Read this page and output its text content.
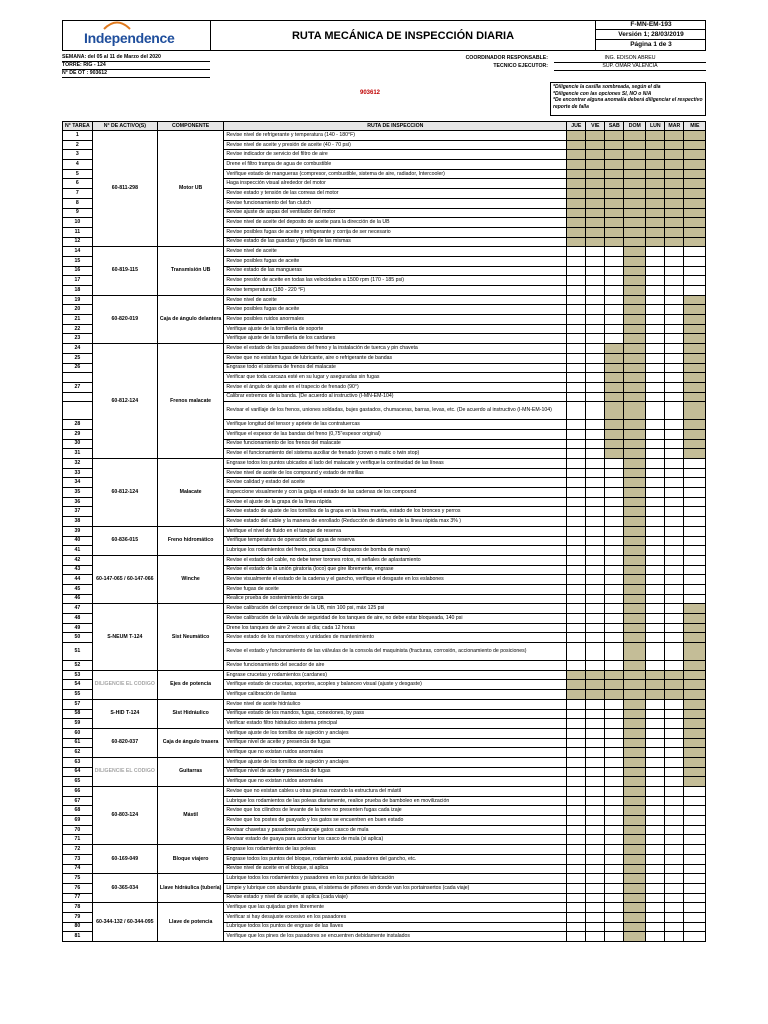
Independence	RUTA MECÁNICA DE INSPECCIÓN DIARIA
F-MN-EM-193
Versión 1; 28/03/2019
Página 1 de 3
SEMANA: del 05 al 11 de Marzo del 2020
TORRE: RIG - 124
N° DE OT : 903612
COORDINADOR RESPONSABLE:	ING. EDISON ABREU
TECNICO EJECUTOR:	SUP. OMAR VALENCIA
903612
*Diligencie la casilla sombreada, según el día
*Diligencie con las opciones SI, NO o N/A
*De encontrar alguna anomalía deberá diligenciar el respectivo reporte de falla
N° TAREA	N° DE ACTIVO(S)	COMPONENTE	RUTA DE INSPECCION	JUE	VIE	SAB	DOM	LUN	MAR	MIE
1	60-811-298	Motor UB	Revise nivel de refrigerante y temperatura (140 - 180°F)							
2			Revise nivel de aceite y presión de aceite (40 - 70 psi)							
3			Revise indicador de servicio del filtro de aire							
4			Drene el filtro trampa de agua de combustible							
5			Verifique estado de mangueras (compresor, combustible, sistema de aire, radiador, Intercooler)							
6			Haga inspección visual alrededor del motor							
7			Revise estado y tensión de las correas del motor							
8			Revise funcionamiento del fan clutch							
9			Revise ajuste de aspas del ventilador del motor							
10			Revise nivel de aceite del deposito de aceite para la dirección de la UB							
11			Revise posibles fugas de aceite y refrigerante y corrija de ser necesario							
12			Revise estado de las guardas y fijación de las mismas							
14	60-819-115	Transmisión UB	Revise nivel de aceite							
15			Revise posibles fugas de aceite							
16			Revise estado de las mangueras							
17			Revise presión de aceite en todas las velocidades a 1500 rpm (170 - 185 psi)							
18			Revise temperatura (180 - 220 °F)							
19	60-820-019	Caja de ángulo delantera	Revise nivel de aceite							
20			Revise posibles fugas de aceite							
21			Revise posibles ruidos anormales							
22			Verifique ajuste de la tornillería de soporte							
23			Verifique ajuste de la tornillería de los cardanes							
24	60-812-124	Frenos malacate	Revise el estado de los pasadores del freno y la instalación de tuerca y pin chaveta							
25			Revise que no existan fugas de lubricante, aire o refrigerante de bandas							
26			Engrase todo el sistema de frenos del malacate							
			Verificar que toda carcaza esté en su lugar y aseguradas sin fugas							
27			Revise el ángulo de ajuste en el trapecio de frenado (90°)							
			Calibrar extremos de la banda. (De acuerdo al instructivo (I-MN-EM-104)							
			Revisar el varillaje de los frenos, uniones soldadas, bujes gastados, chumaceras, barras, levas, etc. (De acuerdo al instructivo (I-MN-EM-104)							
28			Verifique longitud del tensor y apriete de las contratuercas							
29			Verifique el espesor de las bandas del freno (0,75"espesor original)							
30			Revise funcionamiento de los frenos del malacate							
31			Revise el funcionamiento del sistema auxiliar de frenado (crown o matic o twin stop)							
32	60-812-124	Malacate	Engrase todos los puntos ubicados al lado del malacate y verifique la continuidad de las líneas							
33			Revise nivel de aceite de los compound y estado de mirillas							
34			Revise calidad y estado del aceite							
35			Inspeccione visualmente y con la galga el estado de las cadenas de los compound							
36			Revise el ajuste de la grapa de la línea rápida							
37			Revise estado de ajuste de los tornillos de la grapa en la línea muerta, estado de los bronces y perros							
38			Revise estado del cable y la manera de enrollado (Reducción de diámetro de la línea rápida max 3% )							
39	60-836-015	Freno hidromático	Verifique el nivel de fluido en el tanque de reserva							
40			Verifique temperatura de operación del agua de reserva							
41			Lubrique los rodamientos del freno, poca grasa (3 disparos de bomba de mano)							
42	60-147-065 / 60-147-066	Winche	Revise el estado del cable, no debe tener torones rotos, ni señales de aplastamiento							
43			Revise el estado de la unión giratoria (loco) que gire libremente, engrase							
44			Revise visualmente el estado de la cadena y el gancho, verifique el desgaste en los eslabones							
45			Revise fugas de aceite							
46			Realice prueba de sostenimiento de carga							
47	S-NEUM T-124	Sist Neumático	Revise calibración del compresor de la UB, min 100 psi, máx 125 psi							
48			Revise calibración de la válvula de seguridad de los tanques de aire, no debe estar bloqueada, 140 psi							
49			Drene los tanques de aire 2 veces al día; cada 12 horas							
50			Revise estado de los manómetros y unidades de mantenimiento							
51			Revise el estado y funcionamiento de las válvulas de la consola del maquinista (fracturas, corrosión, accionamiento de posiciones)							
52			Revise funcionamiento del secador de aire							
53	DILIGENCIE EL CODIGO	Ejes de potencia	Engrase crucetas y rodamientos (cardanes)							
54			Verifique estado de crucetas, soportes, acoples y balanceo visual (ajuste y desgaste)							
55			Verifique calibración de llantas							
57	S-HID T-124	Sist Hidráulico	Revise nivel de aceite hidráulico							
58			Verifique estado de los mandos, fugas, conexiones, by pass							
59			Verificar estado filtro hidráulico sistema principal							
60	60-820-037	Caja de ángulo trasera	Verifique ajuste de los tornillos de sujeción y anclajes							
61			Verifique nivel de aceite y presencia de fugas							
62			Verifique que no existan ruidos anormales							
63	DILIGENCIE EL CODIGO	Guitarras	Verifique ajuste de los tornillos de sujeción y anclajes							
64			Verifique nivel de aceite y presencia de fugas							
65			Verifique que no existan ruidos anormales							
66	60-803-124	Mástil	Revise que no existan cables u otras piezas rozando la estructura del mástil							
67			Lubrique los rodamientos de las poleas diariamente, realice prueba de bamboleo en movilización							
68			Revise que los cilindros de levante de la torre no presenten fugas cada izaje							
69			Revise que los postes de guayado y los gatos se encuentren en buen estado							
70			Revisar chavetas y pasadores palancaje gatos casco de mula							
71			Revisar estado de guaya para accionar los casco de mula (si aplica)							
72	60-169-049	Bloque viajero	Engrase los rodamientos de las poleas							
73			Engrase todos los puntos del bloque, rodamiento axial, pasadores del gancho, etc.							
74			Revise nivel de aceite en el bloque, si aplica							
75	60-365-034	Llave hidráulica (tubería)	Lubrique todos los rodamientos y pasadores en los puntos de lubricación							
76			Limpie y lubrique con abundante grasa, el sistema de piñones en donde van los portainsertos (cada viaje)							
77			Revise estado y nivel de aceite, si aplica (cada viaje)							
78	60-344-132 / 60-344-095	Llave de potencia	Verifique que las quijadas giren libremente							
79			Verificar si hay desajuste excesivo en los pasadores							
80			Lubrique todos los puntos de engrase de las llaves							
81			Verifique que los pines de los pasadores se encuentren debidamente instalados							
